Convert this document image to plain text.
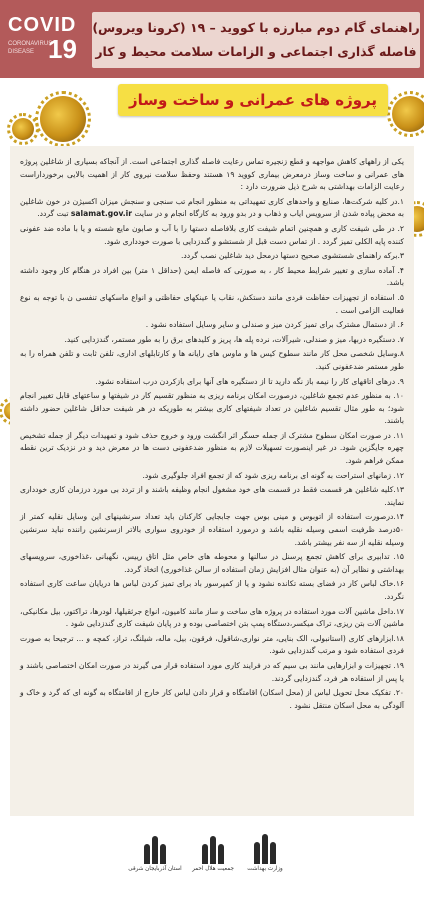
COVID
CORONAVIRUS DISEASE 19
راهنمای گام دوم مبارزه با کووید – ۱۹ (کرونا ویروس)
فاصله گذاری اجتماعی و الزامات سلامت محیط و کار
پروژه های عمرانی و ساخت وساز

یکی از راههای کاهش مواجهه و قطع زنجیره تماس رعایت فاصله گذاری اجتماعی است. از آنجاکه بسیاری از شاغلین پروژه های عمرانی و ساخت وساز درمعرض بیماری کووید ۱۹ هستند وحفظ سلامت نیروی کار از اهمیت بالایی برخورداراست رعایت الزامات بهداشتی به شرح ذیل ضرورت دارد :

۱.در کلیه شرکت‌ها، صنایع و واحدهای کاری تمهیداتی به منظور انجام تب سنجی و سنجش میزان اکسیژن در خون شاغلین به محض پیاده شدن از سرویس ایاب و ذهاب و در بدو ورود به کارگاه انجام و در سایت salamat.gov.ir تبت گردد.

۲. در طی شیفت کاری و همچنین اتمام شیفت کاری بلافاصله دستها را با آب و صابون مایع شسته و یا با ماده ضد عفونی کننده پایه الکلی تمیز گردد . از تماس دست قبل از شستشو و گندزدایی با صورت خودداری شود.

۳.برکه راهنمای شستشوی صحیح دستها درمحل دید شاغلین نصب گردد.

۴. آماده سازی و تغییر شرایط محیط کار ، به صورتی که فاصله ایمن (حداقل ۱ متر) بین افراد در هنگام کار وجود داشته باشد.

۵. استفاده از تجهیزات حفاظت فردی مانند دستکش، نقاب یا عینکهای حفاظتی و انواع ماسکهای تنفسی ن با توجه به نوع فعالیت الزامی است .

۶. از دستمال مشترک برای تمیز کردن میز و صندلی و سایر وسایل استفاده نشود .

۷. دستگیره دربها، میز و صندلی، شیرآلات، نرده پله ها، پریز و کلیدهای برق را به طور مستمر، گندزدایی کنید.

۸.وسایل شخصی محل کار مانند سطوح کیس ها و ماوس های رایانه ها و کارتابلهای اداری، تلفن ثابت و تلفن همراه را به طور مستمر ضدعفونی کنید.

۹. درهای اتاقهای کار را نیمه باز نگه دارید تا از دستگیره های آنها برای بازکردن درب استفاده نشود.

۱۰. به منظور عدم تجمع شاغلین، درصورت امکان برنامه ریزی به منظور تقسیم کار در شیفتها و ساعتهای قابل تغییر انجام شود؛ به طور مثال تقسیم شاغلین در تعداد شیفتهای کاری بیشتر به طوریکه در هر شیفت حداقل شاغلین حضور داشته باشند.

۱۱. در صورت امکان سطوح مشترک از جمله حسگر اثر انگشت ورود و خروج حذف شود و تمهیدات دیگر از جمله تشخیص چهره جایگزین شود. در غیر اینصورت تسهیلات لازم به منظور ضدعفونی دست ها در معرض دید و در نزدیک ترین نقطه ممکن فراهم شود.

۱۲. زمانهای استراحت به گونه ای برنامه ریزی شود که از تجمع افراد جلوگیری شود.

۱۳.کلیه شاغلین هر قسمت فقط در قسمت های خود مشغول انجام وظیفه باشند و از تردد بی مورد درزمان کاری خودداری نمایند.

۱۴.درصورت استفاده از اتوبوس و مینی بوس جهت جابجایی کارکنان باید تعداد سرنشینهای این وسایل نقلیه کمتر از ۵۰درصد ظرفیت اسمی وسیله نقلیه باشد و درمورد استفاده از خودروی سواری بالاتر ازسرنشین راننده نباید سرنشین وسیله نقلیه از سه نفر بیشتر باشد.

۱۵. تدابیری برای کاهش تجمع پرسنل در سالنها و محوطه های خاص مثل اتاق رییس، نگهبانی ،غذاخوری، سرویسهای بهداشتی و نظایر آن (به عنوان مثال افزایش زمان استفاده از سالن غذاخوری) اتخاذ گردد.

۱۶.خاک لباس کار در فضای بسته تکانده نشود و یا از کمپرسور باد برای تمیز کردن لباس ها دریایان ساعت کاری استفاده نگردد.

۱۷.داخل ماشین آلات مورد استفاده در پروژه های ساخت و ساز مانند کامیون، انواع جرثقیلها، لودرها، تراکتور، بیل مکانیکی، ماشین آلات بتن ریزی، تراک میکسر،دستگاه پمپ بتن اختصاصی بوده و در پایان شیفت کاری گندزدایی شود .

۱۸.ابزارهای کاری (استانبولی، الک بنایی، متر نواری،شاقول، فرقون، بیل، ماله، شیلنگ، تراز، کمچه و ... ترجیحا به صورت فردی استفاده شود و مرتب گندزدایی شود.

۱۹. تجهیزات و ابزارهایی مانند بی سیم که در فرایند کاری مورد استفاده قرار می گیرند در صورت امکان اختصاصی باشند و یا پس از استفاده هر فرد، گندزدایی گردند.

۲۰. تفکیک محل تحویل لباس از (محل اسکان) اقامتگاه و قرار دادن لباس کار خارج از اقامتگاه به گونه ای که گرد و خاک و آلودگی به محل اسکان منتقل نشود .

وزارت بهداشت
جمعیت هلال احمر
استان آذربایجان شرقی
